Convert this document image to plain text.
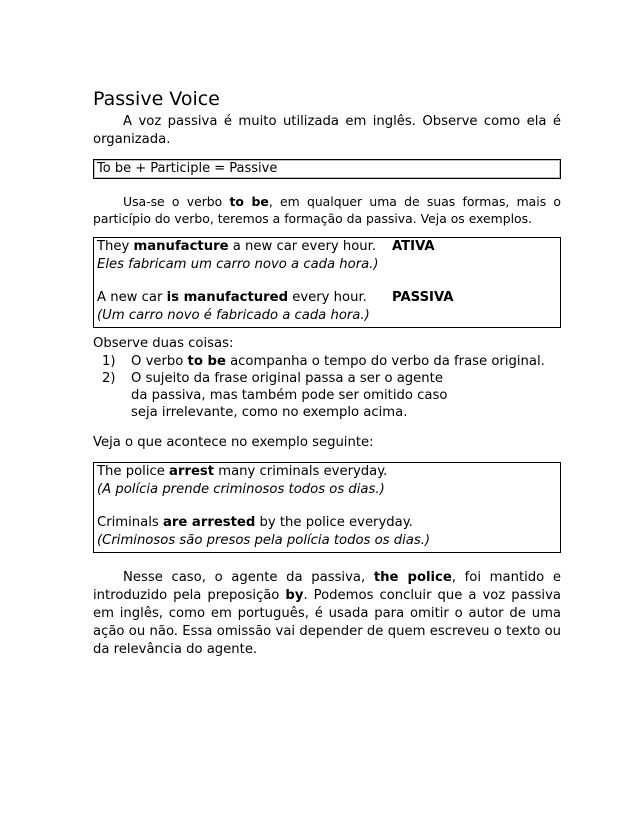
Passive Voice

A voz passiva é muito utilizada em inglês. Observe como ela é organizada.

To be + Participle = Passive

Usa-se o verbo to be, em qualquer uma de suas formas, mais o particípio do verbo, teremos a formação da passiva. Veja os exemplos.

They manufacture a new car every hour.	ATIVA
Eles fabricam um carro novo a cada hora.)
A new car is manufactured every hour.	PASSIVA
(Um carro novo é fabricado a cada hora.)

Observe duas coisas:

1)	O verbo to be acompanha o tempo do verbo da frase original.
2)	O sujeito da frase original passa a ser o agente da passiva, mas também pode ser omitido caso seja irrelevante, como no exemplo acima.

Veja o que acontece no exemplo seguinte:

The police arrest many criminals everyday.
(A polícia prende criminosos todos os dias.)
Criminals are arrested by the police everyday.
(Criminosos são presos pela polícia todos os dias.)

Nesse caso, o agente da passiva, the police, foi mantido e introduzido pela preposição by. Podemos concluir que a voz passiva em inglês, como em português, é usada para omitir o autor de uma ação ou não. Essa omissão vai depender de quem escreveu o texto ou da relevância do agente.
